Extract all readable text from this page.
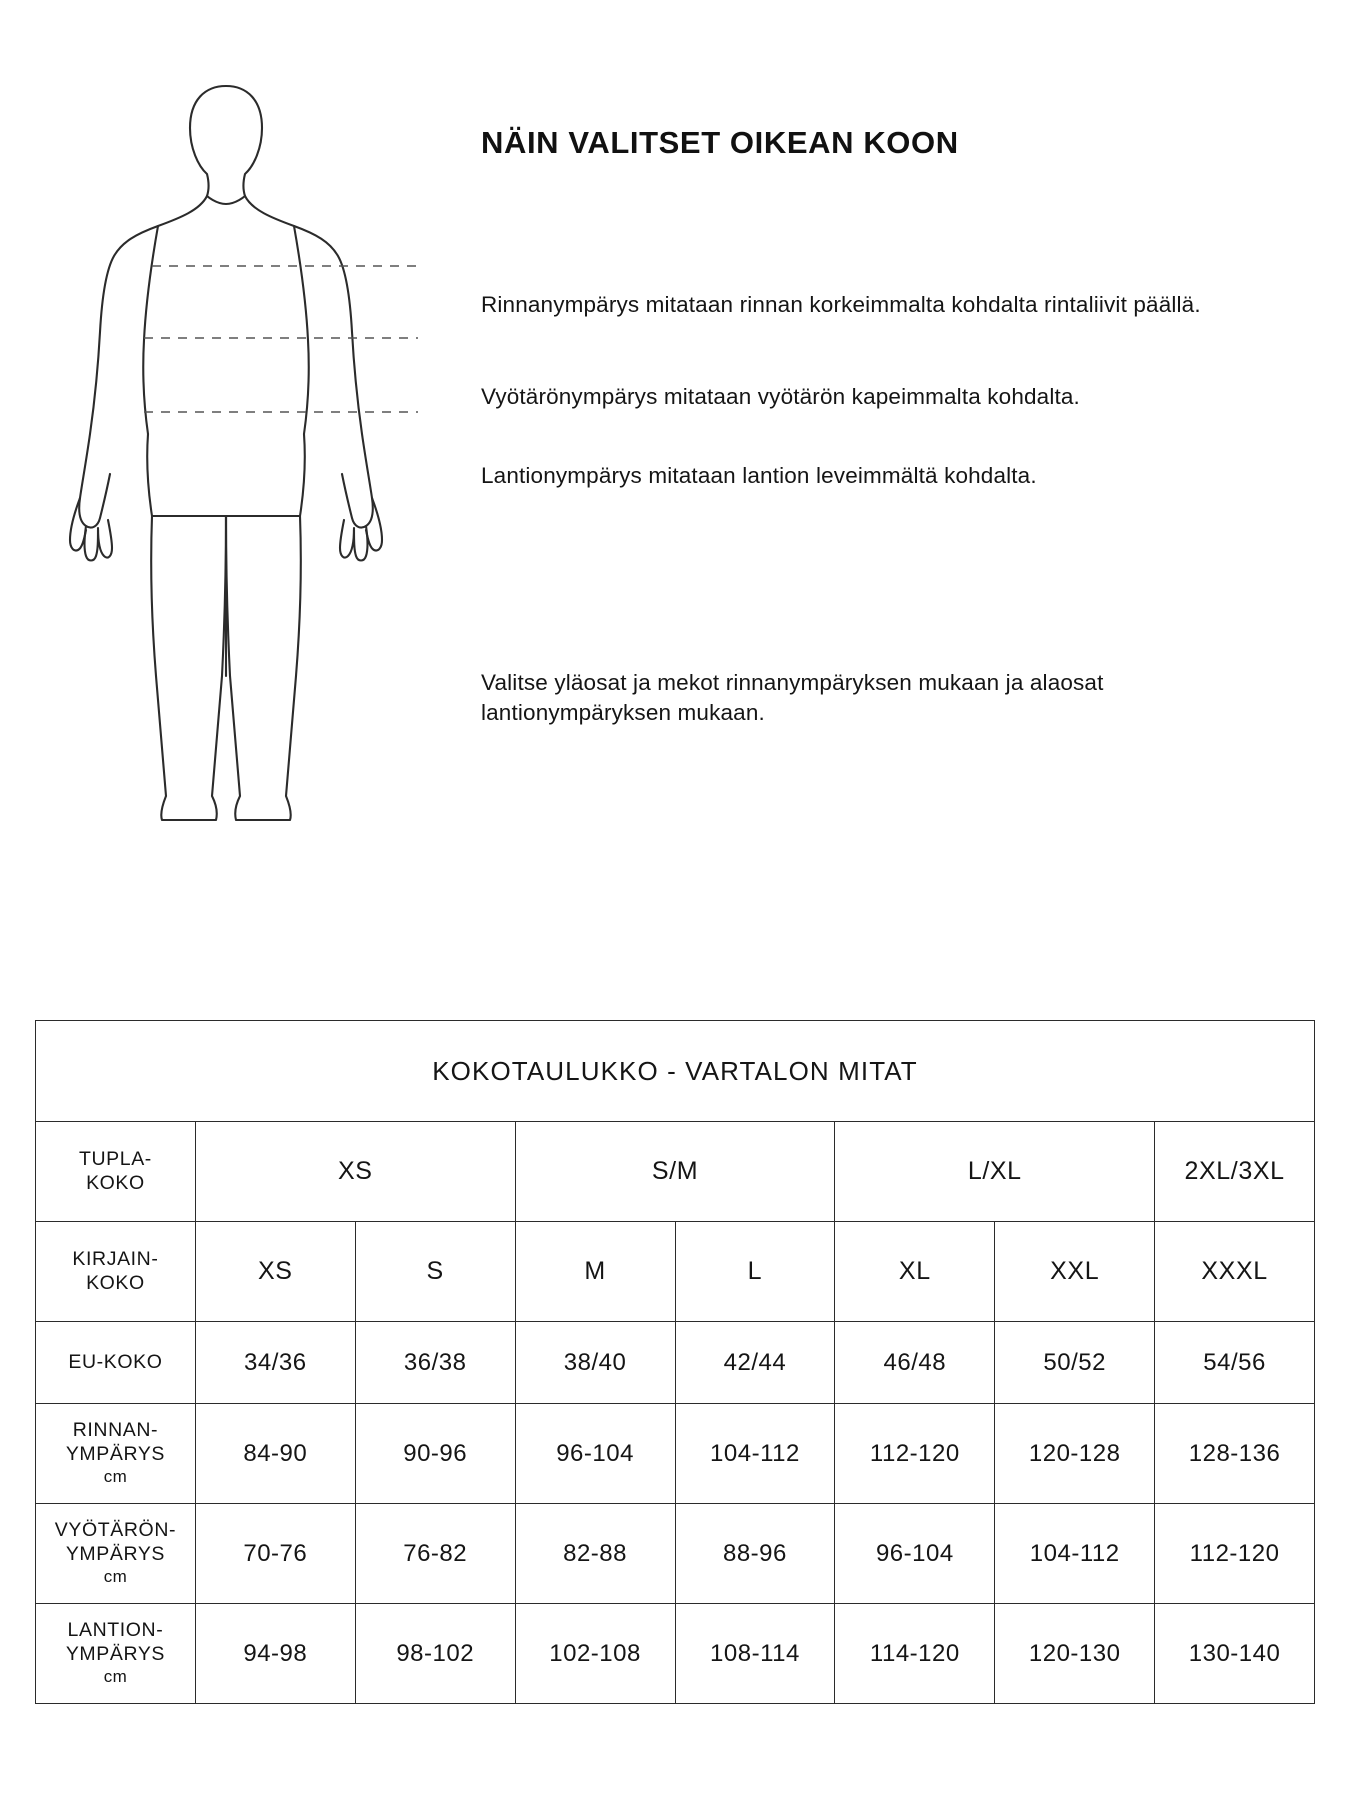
NÄIN VALITSET OIKEAN KOON
Rinnanympärys mitataan rinnan korkeimmalta kohdalta rintaliivit päällä.
Vyötärönympärys mitataan vyötärön kapeimmalta kohdalta.
Lantionympärys mitataan lantion leveimmältä kohdalta.
Valitse yläosat ja mekot rinnanympäryksen mukaan ja alaosat lantionympäryksen mukaan.
KOKOTAULUKKO - VARTALON MITAT							
TUPLA-
KOKO	XS		S/M		L/XL		2XL/3XL
KIRJAIN-
KOKO	XS	S	M	L	XL	XXL	XXXL
EU-KOKO	34/36	36/38	38/40	42/44	46/48	50/52	54/56
RINNAN-
YMPÄRYS
cm	84-90	90-96	96-104	104-112	112-120	120-128	128-136
VYÖTÄRÖN-
YMPÄRYS
cm	70-76	76-82	82-88	88-96	96-104	104-112	112-120
LANTION-
YMPÄRYS
cm	94-98	98-102	102-108	108-114	114-120	120-130	130-140
